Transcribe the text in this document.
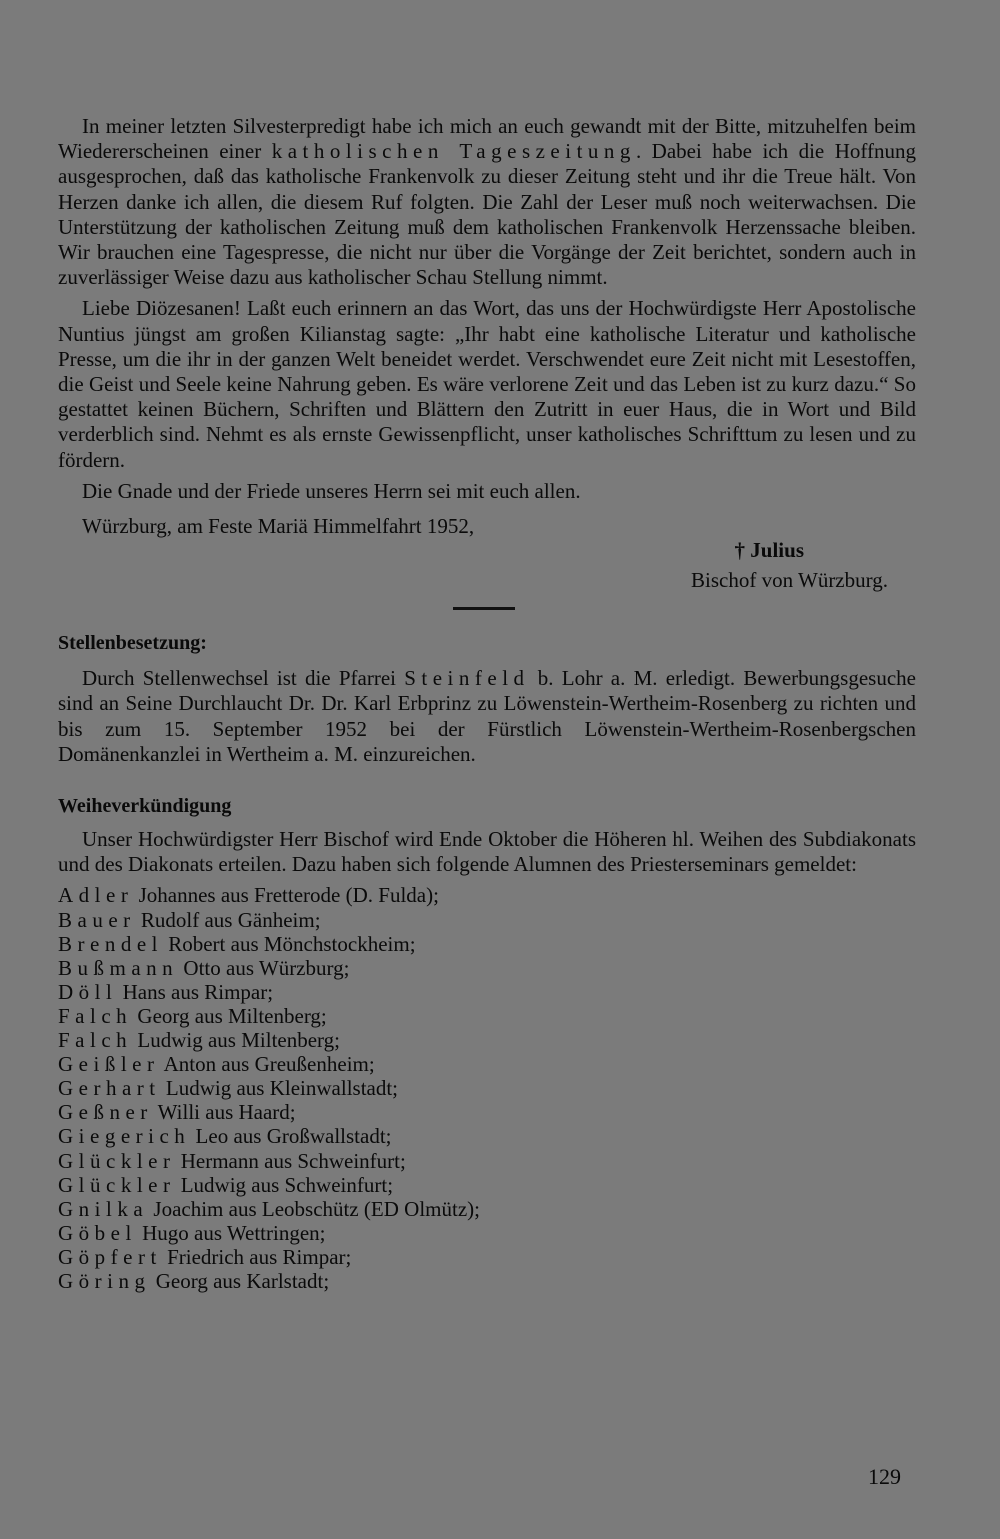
In meiner letzten Silvesterpredigt habe ich mich an euch gewandt mit der Bitte, mitzuhelfen beim Wiedererscheinen einer katholischen Tageszeitung. Dabei habe ich die Hoffnung ausgesprochen, daß das katholische Frankenvolk zu dieser Zeitung steht und ihr die Treue hält. Von Herzen danke ich allen, die diesem Ruf folgten. Die Zahl der Leser muß noch weiterwachsen. Die Unterstützung der katholischen Zeitung muß dem katholischen Frankenvolk Herzenssache bleiben. Wir brauchen eine Tagespresse, die nicht nur über die Vorgänge der Zeit berichtet, sondern auch in zuverlässiger Weise dazu aus katholischer Schau Stellung nimmt.

Liebe Diözesanen! Laßt euch erinnern an das Wort, das uns der Hochwürdigste Herr Apostolische Nuntius jüngst am großen Kilianstag sagte: „Ihr habt eine katholische Literatur und katholische Presse, um die ihr in der ganzen Welt beneidet werdet. Verschwendet eure Zeit nicht mit Lesestoffen, die Geist und Seele keine Nahrung geben. Es wäre verlorene Zeit und das Leben ist zu kurz dazu.“ So gestattet keinen Büchern, Schriften und Blättern den Zutritt in euer Haus, die in Wort und Bild verderblich sind. Nehmt es als ernste Gewissenpflicht, unser katholisches Schrifttum zu lesen und zu fördern.

Die Gnade und der Friede unseres Herrn sei mit euch allen.

Würzburg, am Feste Mariä Himmelfahrt 1952,

† Julius
Bischof von Würzburg.
Stellenbesetzung:

Durch Stellenwechsel ist die Pfarrei Steinfeld b. Lohr a. M. erledigt. Bewerbungsgesuche sind an Seine Durchlaucht Dr. Dr. Karl Erbprinz zu Löwenstein-Wertheim-Rosenberg zu richten und bis zum 15. September 1952 bei der Fürstlich Löwenstein-Wertheim-Rosenbergschen Domänenkanzlei in Wertheim a. M. einzureichen.

Weiheverkündigung

Unser Hochwürdigster Herr Bischof wird Ende Oktober die Höheren hl. Weihen des Subdiakonats und des Diakonats erteilen. Dazu haben sich folgende Alumnen des Priesterseminars gemeldet:

Adler Johannes aus Fretterode (D. Fulda);
Bauer Rudolf aus Gänheim;
Brendel Robert aus Mönchstockheim;
Bußmann Otto aus Würzburg;
Döll Hans aus Rimpar;
Falch Georg aus Miltenberg;
Falch Ludwig aus Miltenberg;
Geißler Anton aus Greußenheim;
Gerhart Ludwig aus Kleinwallstadt;
Geßner Willi aus Haard;
Giegerich Leo aus Großwallstadt;
Glückler Hermann aus Schweinfurt;
Glückler Ludwig aus Schweinfurt;
Gnilka Joachim aus Leobschütz (ED Olmütz);
Göbel Hugo aus Wettringen;
Göpfert Friedrich aus Rimpar;
Göring Georg aus Karlstadt;
129
